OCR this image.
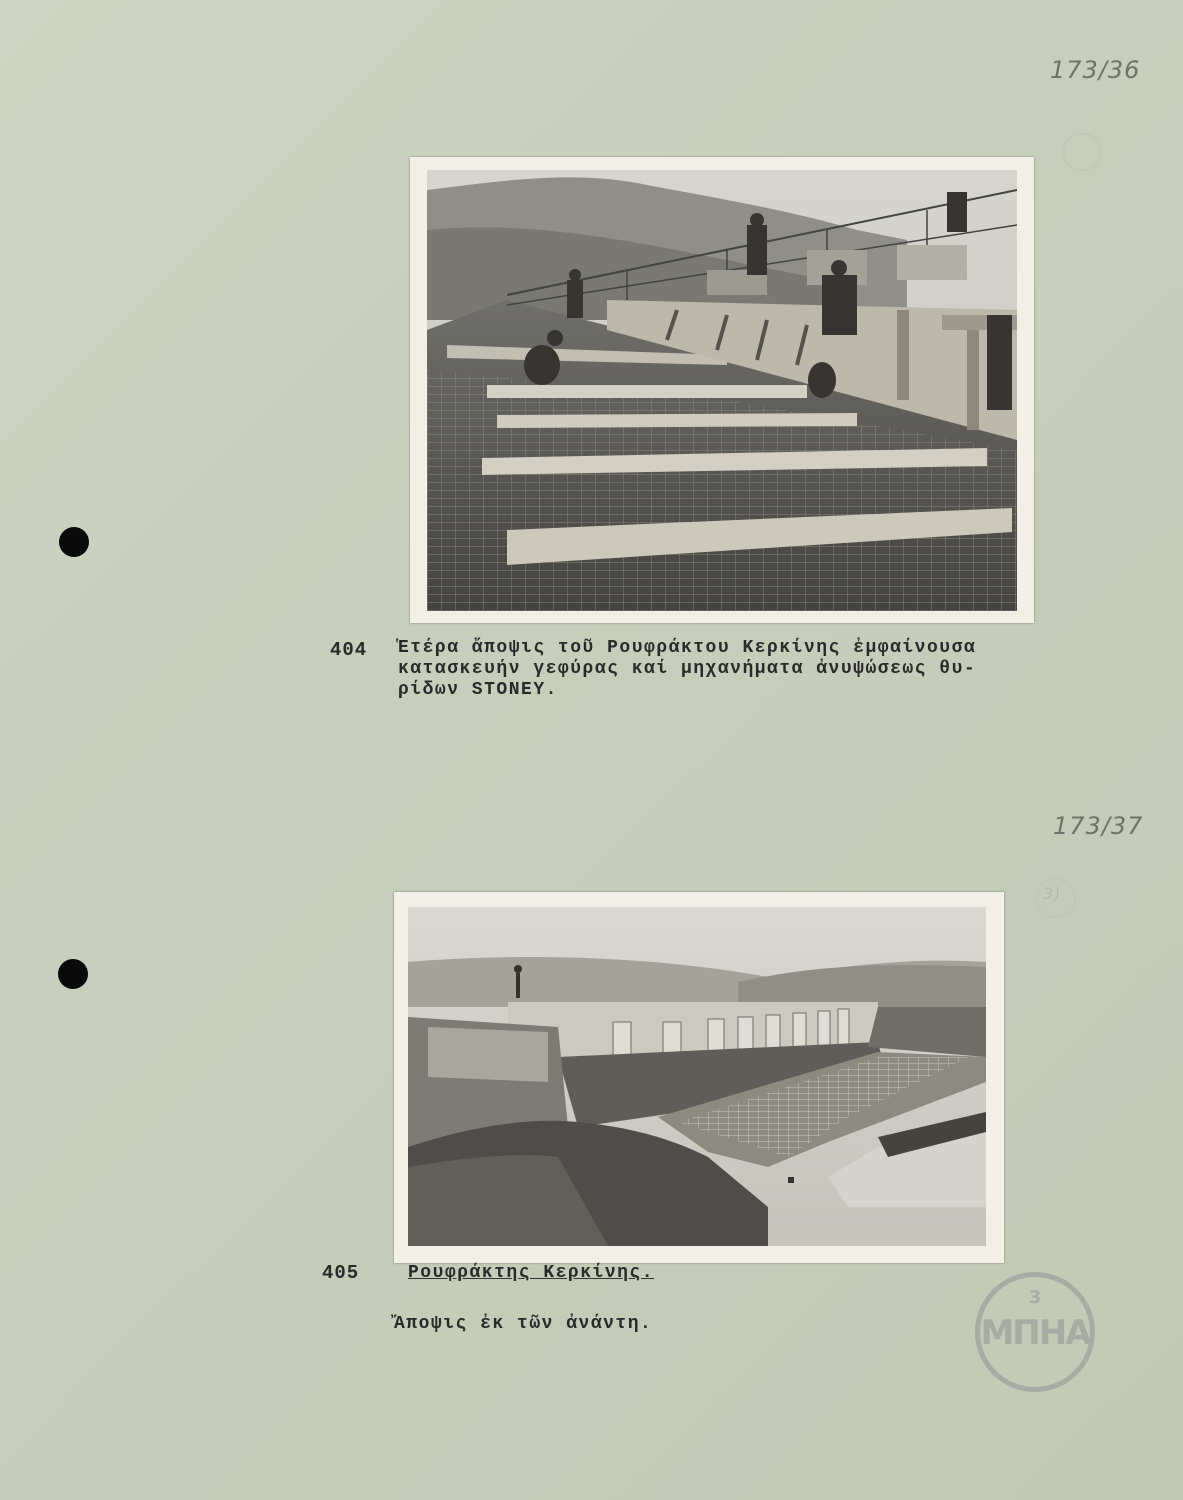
173/36
173/37
3)
404 Ἑτέρα ἄποψις τοῦ Ρουφράκτου Κερκίνης ἐμφαίνουσα
κατασκευήν γεφύρας καί μηχανήματα ἀνυψώσεως θυ-
ρίδων STONEY.
405	Ρουφράκτης Κερκίνης.
Ἄποψις ἐκ τῶν ἀνάντη.
3
ΜΠΗΑ
